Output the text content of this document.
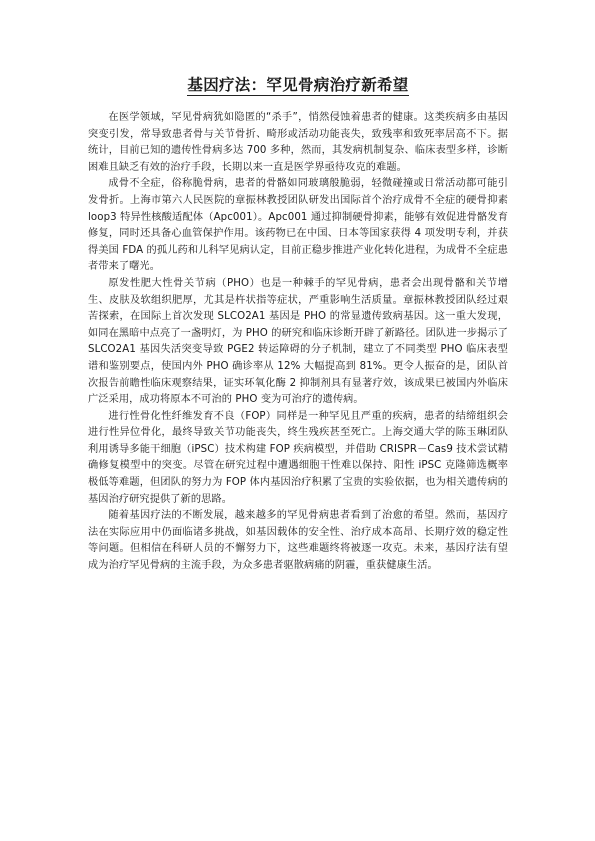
基因疗法：罕见骨病治疗新希望

在医学领域，罕见骨病犹如隐匿的“杀手”，悄然侵蚀着患者的健康。这类疾病多由基因突变引发，常导致患者骨与关节骨折、畸形或活动功能丧失，致残率和致死率居高不下。据统计，目前已知的遗传性骨病多达 700 多种，然而，其发病机制复杂、临床表型多样，诊断困难且缺乏有效的治疗手段，长期以来一直是医学界亟待攻克的难题。

成骨不全症，俗称脆骨病，患者的骨骼如同玻璃般脆弱，轻微碰撞或日常活动都可能引发骨折。上海市第六人民医院的章振林教授团队研发出国际首个治疗成骨不全症的硬骨抑素 loop3 特异性核酸适配体（Apc001）。Apc001 通过抑制硬骨抑素，能够有效促进骨骼发育修复，同时还具备心血管保护作用。该药物已在中国、日本等国家获得 4 项发明专利，并获得美国 FDA 的孤儿药和儿科罕见病认定，目前正稳步推进产业化转化进程，为成骨不全症患者带来了曙光。

原发性肥大性骨关节病（PHO）也是一种棘手的罕见骨病，患者会出现骨骼和关节增生、皮肤及软组织肥厚，尤其是杵状指等症状，严重影响生活质量。章振林教授团队经过艰苦探索，在国际上首次发现 SLCO2A1 基因是 PHO 的常显遗传致病基因。这一重大发现，如同在黑暗中点亮了一盏明灯，为 PHO 的研究和临床诊断开辟了新路径。团队进一步揭示了 SLCO2A1 基因失活突变导致 PGE2 转运障碍的分子机制，建立了不同类型 PHO 临床表型谱和鉴别要点，使国内外 PHO 确诊率从 12% 大幅提高到 81%。更令人振奋的是，团队首次报告前瞻性临床观察结果，证实环氧化酶 2 抑制剂具有显著疗效，该成果已被国内外临床广泛采用，成功将原本不可治的 PHO 变为可治疗的遗传病。

进行性骨化性纤维发育不良（FOP）同样是一种罕见且严重的疾病，患者的结缔组织会进行性异位骨化，最终导致关节功能丧失，终生残疾甚至死亡。上海交通大学的陈玉琳团队利用诱导多能干细胞（iPSC）技术构建 FOP 疾病模型，并借助 CRISPR－Cas9 技术尝试精确修复模型中的突变。尽管在研究过程中遭遇细胞干性难以保持、阳性 iPSC 克隆筛选概率极低等难题，但团队的努力为 FOP 体内基因治疗积累了宝贵的实验依据，也为相关遗传病的基因治疗研究提供了新的思路。

随着基因疗法的不断发展，越来越多的罕见骨病患者看到了治愈的希望。然而，基因疗法在实际应用中仍面临诸多挑战，如基因载体的安全性、治疗成本高昂、长期疗效的稳定性等问题。但相信在科研人员的不懈努力下，这些难题终将被逐一攻克。未来，基因疗法有望成为治疗罕见骨病的主流手段，为众多患者驱散病痛的阴霾，重获健康生活。
